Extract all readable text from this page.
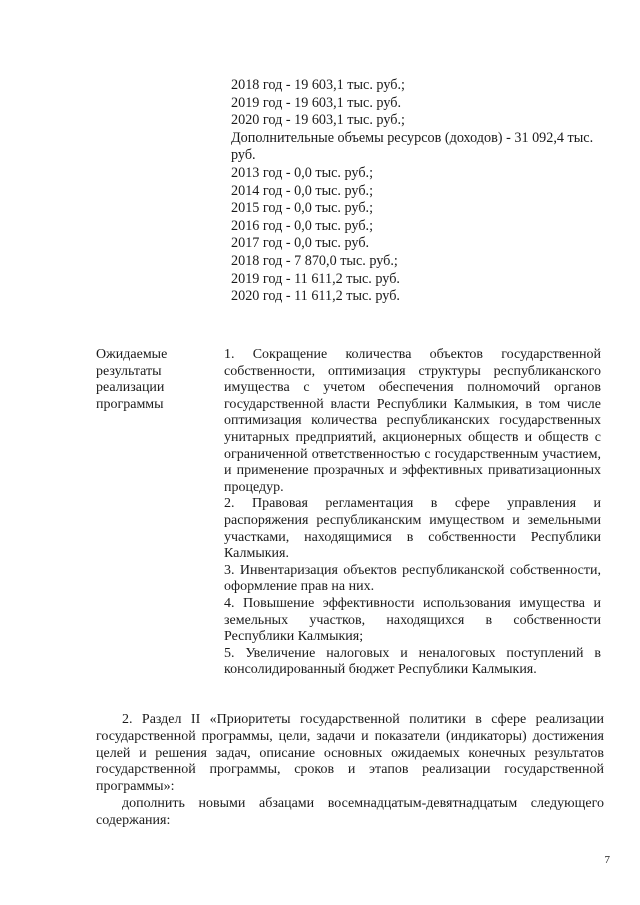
2018 год - 19 603,1 тыс. руб.;
2019 год - 19 603,1 тыс. руб.
2020 год - 19 603,1 тыс. руб.;
Дополнительные объемы ресурсов (доходов) - 31 092,4 тыс. руб.
2013 год - 0,0 тыс. руб.;
2014 год - 0,0 тыс. руб.;
2015 год - 0,0 тыс. руб.;
2016 год - 0,0 тыс. руб.;
2017 год - 0,0 тыс. руб.
2018 год - 7 870,0 тыс. руб.;
2019 год - 11 611,2 тыс. руб.
2020 год - 11 611,2 тыс. руб.
Ожидаемые
результаты
реализации
программы
1. Сокращение количества объектов государственной собственности, оптимизация структуры республиканского имущества с учетом обеспечения полномочий органов государственной власти Республики Калмыкия, в том числе оптимизация количества республиканских государственных унитарных предприятий, акционерных обществ и обществ с ограниченной ответственностью с государственным участием, и применение прозрачных и эффективных приватизационных процедур.
2. Правовая регламентация в сфере управления и распоряжения республиканским имуществом и земельными участками, находящимися в собственности Республики Калмыкия.
3. Инвентаризация объектов республиканской собственности, оформление прав на них.
4. Повышение эффективности использования имущества и земельных участков, находящихся в собственности Республики Калмыкия;
5. Увеличение налоговых и неналоговых поступлений в консолидированный бюджет Республики Калмыкия.

2. Раздел II «Приоритеты государственной политики в сфере реализации государственной программы, цели, задачи и показатели (индикаторы) достижения целей и решения задач, описание основных ожидаемых конечных результатов государственной программы, сроков и этапов реализации государственной программы»:

дополнить новыми абзацами восемнадцатым-девятнадцатым следующего содержания:

7
